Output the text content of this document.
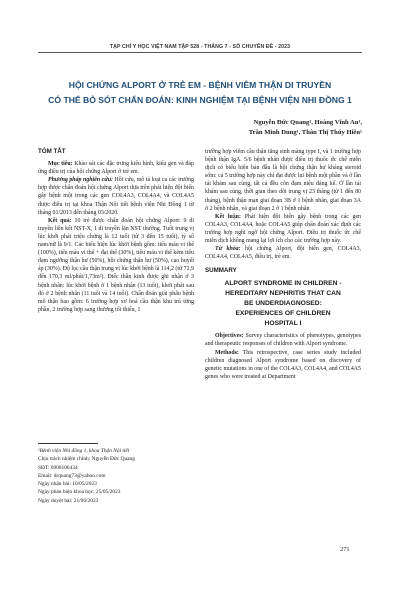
TẠP CHÍ Y HỌC VIỆT NAM TẬP 528 - THÁNG 7 - SỐ CHUYÊN ĐỀ - 2023
HỘI CHỨNG ALPORT Ở TRẺ EM - BỆNH VIÊM THẬN DI TRUYỀN
CÓ THỂ BỎ SÓT CHẨN ĐOÁN: KINH NGHIỆM TẠI BỆNH VIỆN NHI ĐỒNG 1
Nguyễn Đức Quang¹, Hoàng Vĩnh An¹,
Trần Minh Dung¹, Thân Thị Thúy Hiền¹
TÓM TẮT

Mục tiêu: Khảo sát các đặc trưng kiểu hình, kiểu gen và đáp ứng điều trị của hội chứng Alport ở trẻ em.

Phương pháp nghiên cứu: Hồi cứu, mô tả loạt ca các trường hợp được chẩn đoán hội chứng Alport dựa trên phát hiện đột biến gây bệnh một trong các gen COL4A3, COL4A4, và COL4A5 được điều trị tại khoa Thận Nội tiết bệnh viện Nhi Đồng 1 từ tháng 01/2013 đến tháng 03/2020.

Kết quả: 10 trẻ được chẩn đoán hội chứng Alport: 9 di truyền liên kết NST-X, 1 di truyền lặn NST thường. Tuổi trung vị lúc khởi phát triệu chứng là 12 tuổi (từ 3 đến 15 tuổi), tỷ số nam/nữ là 9/1. Các biểu hiện lúc khởi bệnh gồm: tiểu máu vi thể (100%), tiểu máu vi thể + đại thể (30%), tiểu máu vi thể kèm tiểu đạm ngưỡng thận hư (50%), hội chứng thận hư (50%), cao huyết áp (30%). Độ lọc cầu thận trung vị lúc khởi bệnh là 114,2 (từ 72,9 đến 170,3 ml/phút/1,73m²). Điếc thần kinh được ghi nhận ở 3 bệnh nhân: lúc khởi bệnh ở 1 bệnh nhân (13 tuổi), khởi phát sau đó ở 2 bệnh nhân (11 tuổi và 14 tuổi). Chẩn đoán giải phẫu bệnh mô thận bao gồm: 6 trường hợp xơ hoá cầu thận khu trú từng phần, 2 trường hợp sang thương tối thiểu, 1

¹Bệnh viện Nhi đồng 1, khoa Thận Nội tiết

Chịu trách nhiệm chính: Nguyễn Đức Quang

SĐT: 0908106434

Email: drquang73@yahoo.com

Ngày nhận bài: 10/05/2023

Ngày phản biện khoa học: 25/05/2023

Ngày duyệt bài: 21/06/2023

trường hợp viêm cầu thận tăng sinh màng type I, và 1 trường hợp bệnh thận IgA. 5/6 bệnh nhân được điều trị thuốc ức chế miễn dịch có biểu hiện bán đầu là hội chứng thận hư kháng steroid sớm: cả 5 trường hợp này chỉ đạt được lui bệnh một phần và ở lần tái khám sau cùng, tất cả đều còn đạm niệu đáng kể. Ở lần tái khám sau cùng, thời gian theo dõi trung vị 23 tháng (từ 1 đến 80 tháng), bệnh thận mạn giai đoạn 3B ở 1 bệnh nhân, giai đoạn 3A ở 2 bệnh nhân, và giai đoạn 2 ở 1 bệnh nhân.

Kết luận: Phát hiện đột biến gây bệnh trong các gen COL4A3, COL4A4, hoặc COL4A5 giúp chẩn đoán xác định các trường hợp nghi ngờ hội chứng Alport. Điều trị thuốc ức chế miễn dịch không mang lại lợi ích cho các trường hợp này.

Từ khóa: hội chứng Alport, đột biến gen, COL4A3, COL4A4, COL4A5, điều trị, trẻ em.

SUMMARY
ALPORT SYNDROME IN CHILDREN -
HEREDITARY NEPHRITIS THAT CAN
BE UNDERDIAGNOSED:
EXPERIENCES OF CHILDREN
HOSPITAL I

Objectives: Survey characteristics of phenotypes, genotypes and therapeutic responses of children with Alport syndrome.

Methods: This retrospective, case series study included children diagnosed Alport syndrome based on discovery of genetic mutations in one of the COL4A3, COL4A4, and COL4A5 genes who were treated at Department

271
